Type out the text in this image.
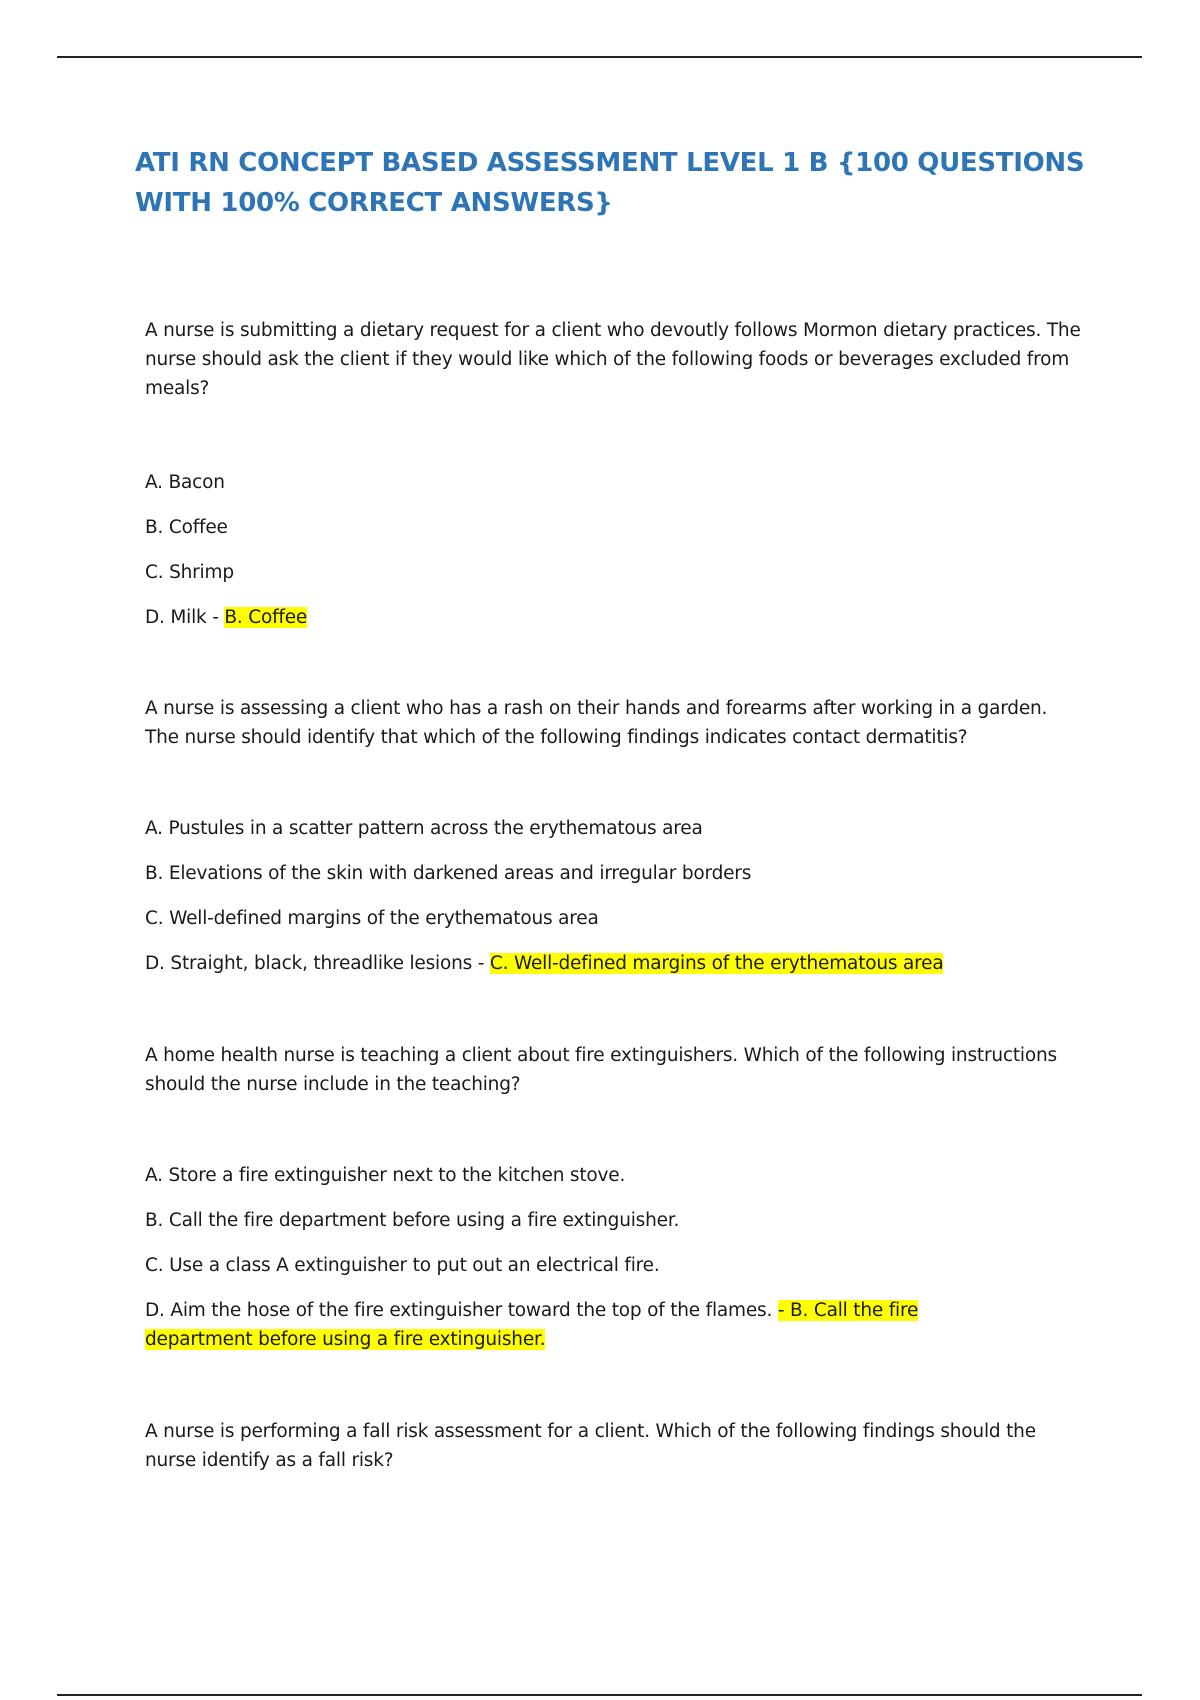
ATI RN CONCEPT BASED ASSESSMENT LEVEL 1 B {100 QUESTIONS WITH 100% CORRECT ANSWERS}

A nurse is submitting a dietary request for a client who devoutly follows Mormon dietary practices. The nurse should ask the client if they would like which of the following foods or beverages excluded from meals?

A. Bacon
B. Coffee
C. Shrimp
D. Milk - B. Coffee

A nurse is assessing a client who has a rash on their hands and forearms after working in a garden. The nurse should identify that which of the following findings indicates contact dermatitis?

A. Pustules in a scatter pattern across the erythematous area
B. Elevations of the skin with darkened areas and irregular borders
C. Well-defined margins of the erythematous area
D. Straight, black, threadlike lesions - C. Well-defined margins of the erythematous area

A home health nurse is teaching a client about fire extinguishers. Which of the following instructions should the nurse include in the teaching?

A. Store a fire extinguisher next to the kitchen stove.
B. Call the fire department before using a fire extinguisher.
C. Use a class A extinguisher to put out an electrical fire.
D. Aim the hose of the fire extinguisher toward the top of the flames. - B. Call the fire department before using a fire extinguisher.

A nurse is performing a fall risk assessment for a client. Which of the following findings should the nurse identify as a fall risk?
